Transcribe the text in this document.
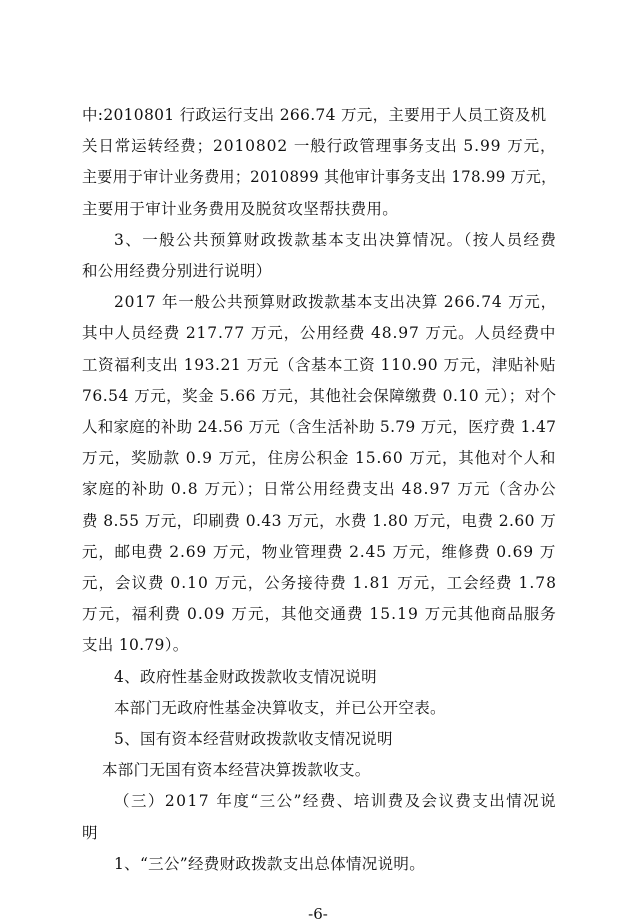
中:2010801 行政运行支出 266.74 万元，主要用于人员工资及机
关日常运转经费；2010802 一般行政管理事务支出 5.99 万元，
主要用于审计业务费用；2010899 其他审计事务支出 178.99 万元，
主要用于审计业务费用及脱贫攻坚帮扶费用。
3、一般公共预算财政拨款基本支出决算情况。（按人员经费
和公用经费分别进行说明）
2017 年一般公共预算财政拨款基本支出决算 266.74 万元，
其中人员经费 217.77 万元，公用经费 48.97 万元。人员经费中
工资福利支出 193.21 万元（含基本工资 110.90 万元，津贴补贴
76.54 万元，奖金 5.66 万元，其他社会保障缴费 0.10 元）；对个
人和家庭的补助 24.56 万元（含生活补助 5.79 万元，医疗费 1.47
万元，奖励款 0.9 万元，住房公积金 15.60 万元，其他对个人和
家庭的补助 0.8 万元）；日常公用经费支出 48.97 万元（含办公
费 8.55 万元，印刷费 0.43 万元，水费 1.80 万元，电费 2.60 万
元，邮电费 2.69 万元，物业管理费 2.45 万元，维修费 0.69 万
元，会议费 0.10 万元，公务接待费 1.81 万元，工会经费 1.78
万元，福利费 0.09 万元，其他交通费 15.19 万元其他商品服务
支出 10.79）。
4、政府性基金财政拨款收支情况说明
本部门无政府性基金决算收支，并已公开空表。
5、国有资本经营财政拨款收支情况说明
本部门无国有资本经营决算拨款收支。
（三）2017 年度“三公”经费、培训费及会议费支出情况说
明
1、“三公”经费财政拨款支出总体情况说明。
-6-
